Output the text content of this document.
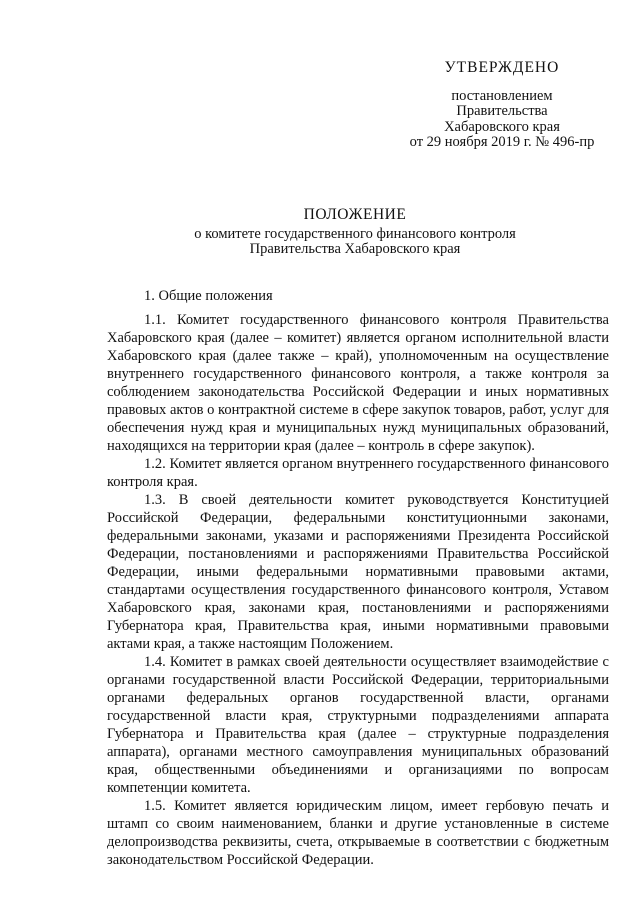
УТВЕРЖДЕНО
постановлением
Правительства
Хабаровского края
от 29 ноября 2019 г. № 496-пр
ПОЛОЖЕНИЕ
о комитете государственного финансового контроля
Правительства Хабаровского края

1. Общие положения

1.1. Комитет государственного финансового контроля Правительства Хабаровского края (далее – комитет) является органом исполнительной власти Хабаровского края (далее также – край), уполномоченным на осуществление внутреннего государственного финансового контроля, а также контроля за соблюдением законодательства Российской Федерации и иных нормативных правовых актов о контрактной системе в сфере закупок товаров, работ, услуг для обеспечения нужд края и муниципальных нужд муниципальных образований, находящихся на территории края (далее – контроль в сфере закупок).

1.2. Комитет является органом внутреннего государственного финансового контроля края.

1.3. В своей деятельности комитет руководствуется Конституцией Российской Федерации, федеральными конституционными законами, федеральными законами, указами и распоряжениями Президента Российской Федерации, постановлениями и распоряжениями Правительства Российской Федерации, иными федеральными нормативными правовыми актами, стандартами осуществления государственного финансового контроля, Уставом Хабаровского края, законами края, постановлениями и распоряжениями Губернатора края, Правительства края, иными нормативными правовыми актами края, а также настоящим Положением.

1.4. Комитет в рамках своей деятельности осуществляет взаимодействие с органами государственной власти Российской Федерации, территориальными органами федеральных органов государственной власти, органами государственной власти края, структурными подразделениями аппарата Губернатора и Правительства края (далее – структурные подразделения аппарата), органами местного самоуправления муниципальных образований края, общественными объединениями и организациями по вопросам компетенции комитета.

1.5. Комитет является юридическим лицом, имеет гербовую печать и штамп со своим наименованием, бланки и другие установленные в системе делопроизводства реквизиты, счета, открываемые в соответствии с бюджетным законодательством Российской Федерации.
